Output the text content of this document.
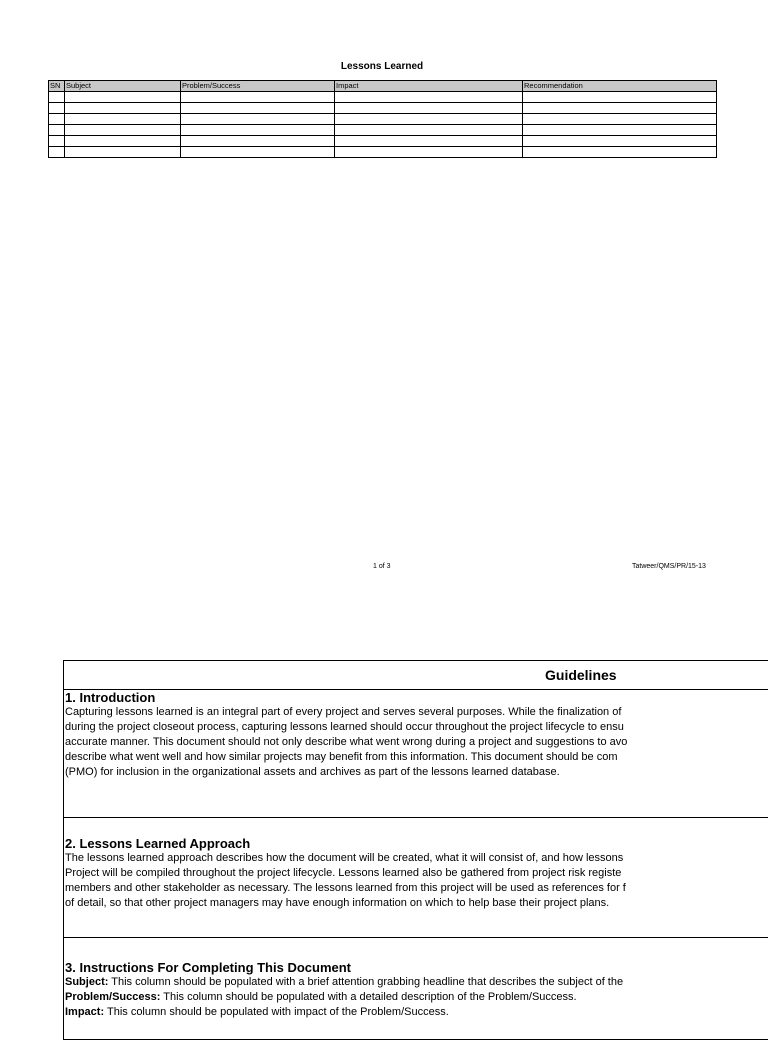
Lessons Learned
SN	Subject	Problem/Success	Impact	Recommendation

1 of 3	Tatweer/QMS/PR/15-13
Guidelines
1. Introduction

Capturing lessons learned is an integral part of every project and serves several purposes. While the finalization of

during the project closeout process, capturing lessons learned should occur throughout the project lifecycle to ensu

accurate manner. This document should not only describe what went wrong during a project and suggestions to avo

describe what went well and how similar projects may benefit from this information. This document should be com

(PMO) for inclusion in the organizational assets and archives as part of the lessons learned database.

2. Lessons Learned Approach

The lessons learned approach describes how the document will be created, what it will consist of, and how lessons

Project will be compiled throughout the project lifecycle. Lessons learned also be gathered from project risk registe

members and other stakeholder as necessary. The lessons learned from this project will be used as references for f

of detail, so that other project managers may have enough information on which to help base their project plans.

3. Instructions For Completing This Document

Subject: This column should be populated with a brief attention grabbing headline that describes the subject of the

Problem/Success: This column should be populated with a detailed description of the Problem/Success.

Impact: This column should be populated with impact of the Problem/Success.
